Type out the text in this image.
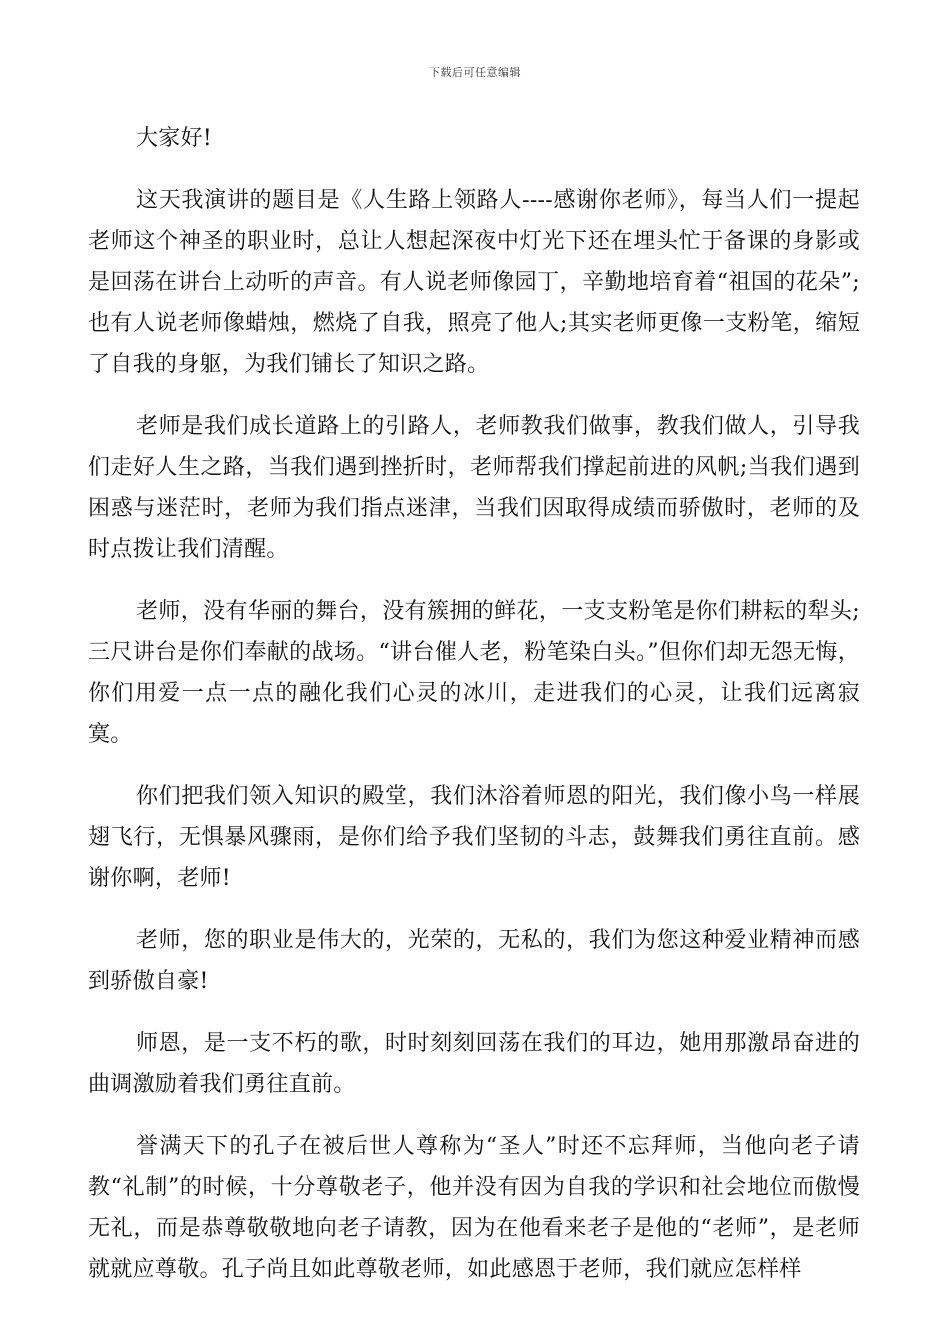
下载后可任意编辑

大家好!

这天我演讲的题目是《人生路上领路人----感谢你老师》，每当人们一提起老师这个神圣的职业时，总让人想起深夜中灯光下还在埋头忙于备课的身影或是回荡在讲台上动听的声音。有人说老师像园丁，辛勤地培育着“祖国的花朵”;也有人说老师像蜡烛，燃烧了自我，照亮了他人;其实老师更像一支粉笔，缩短了自我的身躯，为我们铺长了知识之路。

老师是我们成长道路上的引路人，老师教我们做事，教我们做人，引导我们走好人生之路，当我们遇到挫折时，老师帮我们撑起前进的风帆;当我们遇到困惑与迷茫时，老师为我们指点迷津，当我们因取得成绩而骄傲时，老师的及时点拨让我们清醒。

老师，没有华丽的舞台，没有簇拥的鲜花，一支支粉笔是你们耕耘的犁头;三尺讲台是你们奉献的战场。“讲台催人老，粉笔染白头。”但你们却无怨无悔，你们用爱一点一点的融化我们心灵的冰川，走进我们的心灵，让我们远离寂寞。

你们把我们领入知识的殿堂，我们沐浴着师恩的阳光，我们像小鸟一样展翅飞行，无惧暴风骤雨，是你们给予我们坚韧的斗志，鼓舞我们勇往直前。感谢你啊，老师!

老师，您的职业是伟大的，光荣的，无私的，我们为您这种爱业精神而感到骄傲自豪!

师恩，是一支不朽的歌，时时刻刻回荡在我们的耳边，她用那激昂奋进的曲调激励着我们勇往直前。

誉满天下的孔子在被后世人尊称为“圣人”时还不忘拜师，当他向老子请教“礼制”的时候，十分尊敬老子，他并没有因为自我的学识和社会地位而傲慢无礼，而是恭尊敬敬地向老子请教，因为在他看来老子是他的“老师”，是老师就就应尊敬。孔子尚且如此尊敬老师，如此感恩于老师，我们就应怎样样
